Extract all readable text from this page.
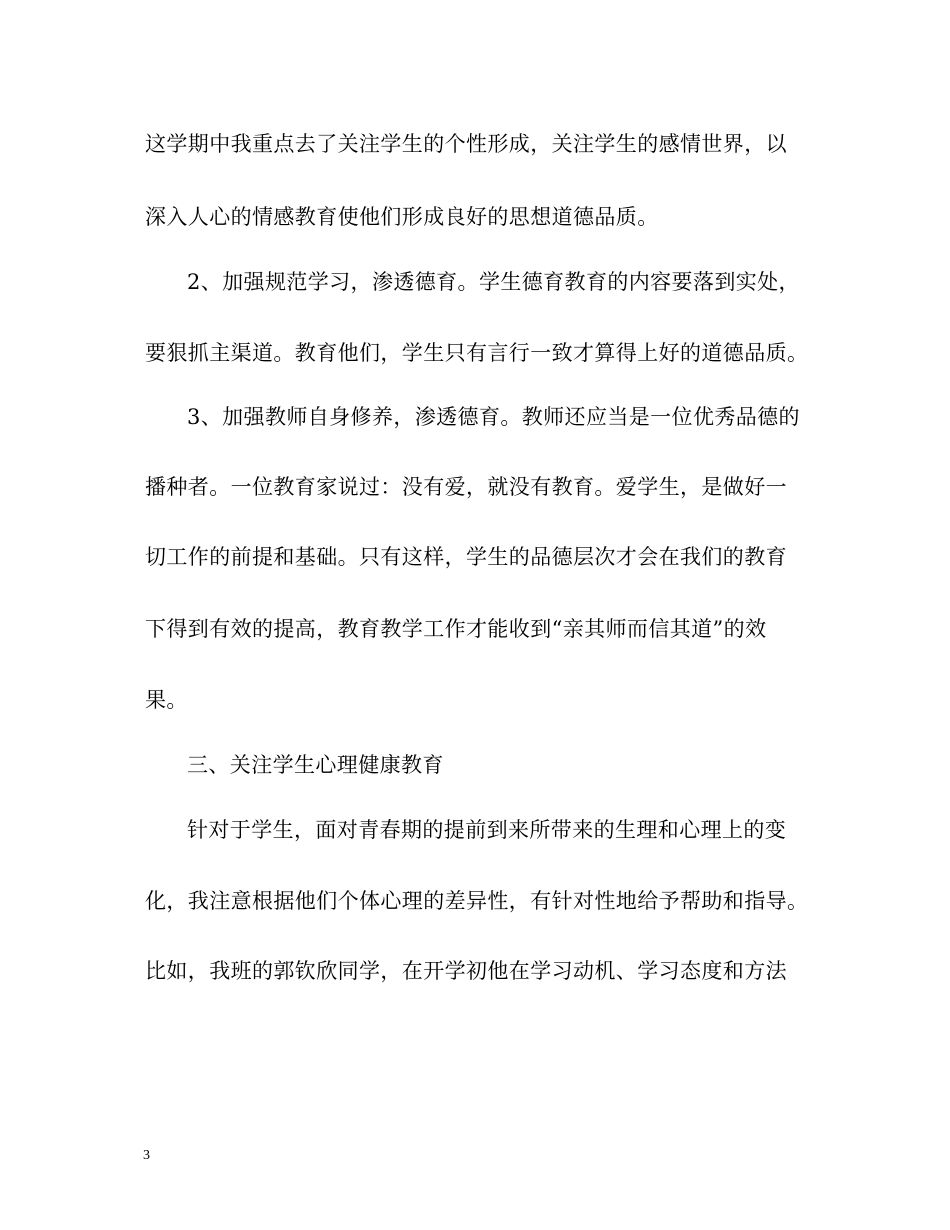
这学期中我重点去了关注学生的个性形成，关注学生的感情世界，以
深入人心的情感教育使他们形成良好的思想道德品质。
2、加强规范学习，渗透德育。学生德育教育的内容要落到实处，
要狠抓主渠道。教育他们，学生只有言行一致才算得上好的道德品质。
3、加强教师自身修养，渗透德育。教师还应当是一位优秀品德的
播种者。一位教育家说过：没有爱，就没有教育。爱学生，是做好一
切工作的前提和基础。只有这样，学生的品德层次才会在我们的教育
下得到有效的提高，教育教学工作才能收到“亲其师而信其道”的效
果。
三、关注学生心理健康教育
针对于学生，面对青春期的提前到来所带来的生理和心理上的变
化，我注意根据他们个体心理的差异性，有针对性地给予帮助和指导。
比如，我班的郭钦欣同学，在开学初他在学习动机、学习态度和方法
3
